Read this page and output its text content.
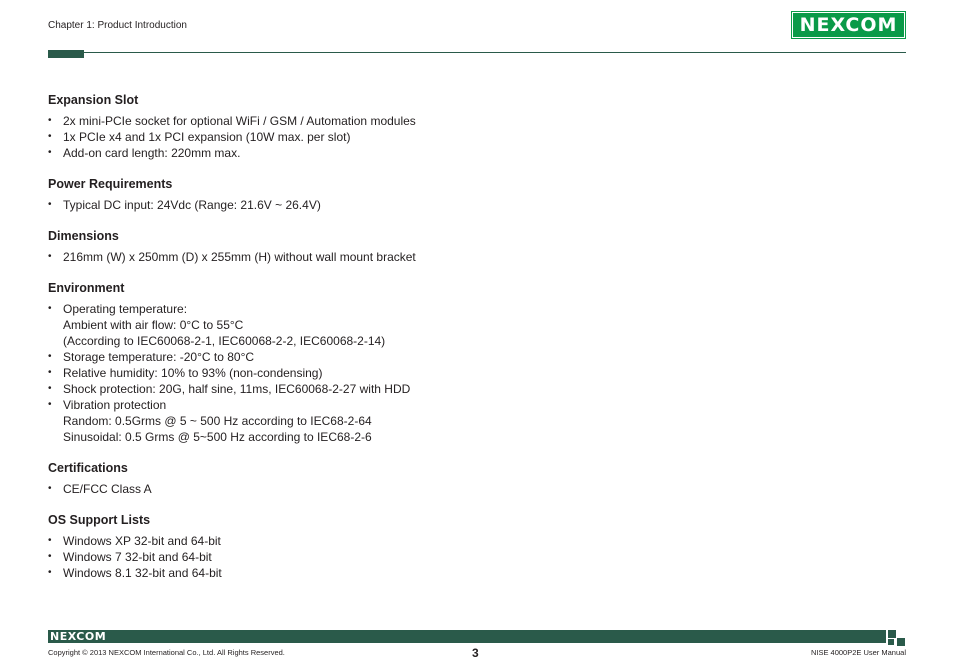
Chapter 1: Product Introduction	NEXCOM
Expansion Slot
• 2x mini-PCIe socket for optional WiFi / GSM / Automation modules
• 1x PCIe x4 and 1x PCI expansion (10W max. per slot)
• Add-on card length: 220mm max.
Power Requirements
• Typical DC input: 24Vdc (Range: 21.6V ~ 26.4V)
Dimensions
• 216mm (W) x 250mm (D) x 255mm (H) without wall mount bracket
Environment
• Operating temperature:
Ambient with air flow: 0°C to 55°C
(According to IEC60068-2-1, IEC60068-2-2, IEC60068-2-14)
• Storage temperature: -20°C to 80°C
• Relative humidity: 10% to 93% (non-condensing)
• Shock protection: 20G, half sine, 11ms, IEC60068-2-27 with HDD
• Vibration protection
Random: 0.5Grms @ 5 ~ 500 Hz according to IEC68-2-64
Sinusoidal: 0.5 Grms @ 5~500 Hz according to IEC68-2-6
Certifications
• CE/FCC Class A
OS Support Lists
• Windows XP 32-bit and 64-bit
• Windows 7 32-bit and 64-bit
• Windows 8.1 32-bit and 64-bit
NEXCOM
Copyright © 2013 NEXCOM International Co., Ltd. All Rights Reserved.	3	NISE 4000P2E User Manual
